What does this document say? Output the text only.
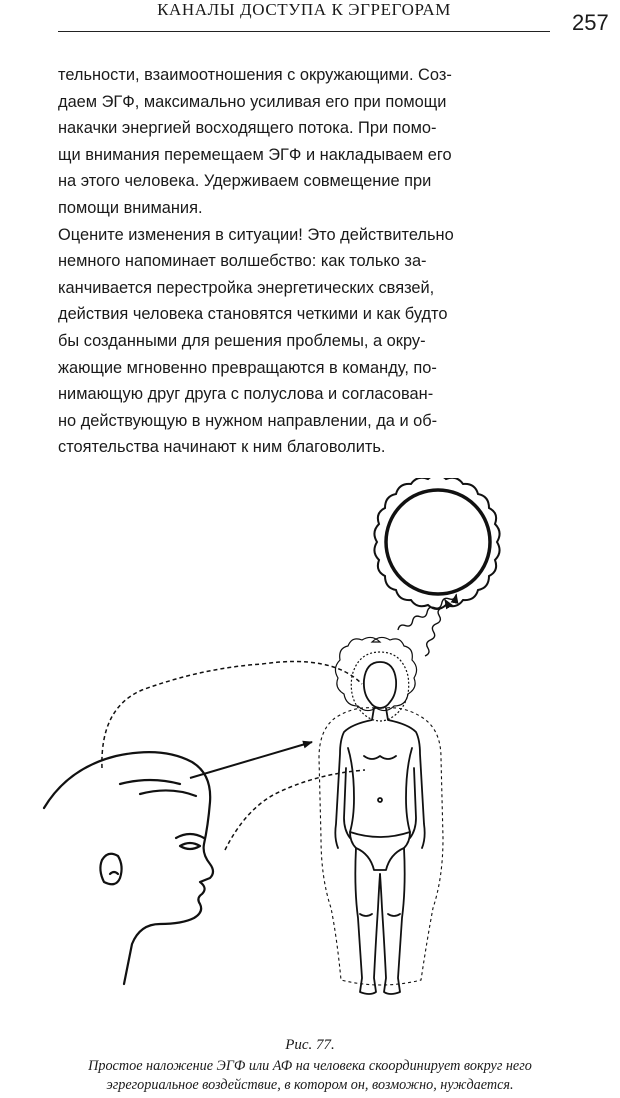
КАНАЛЫ ДОСТУПА К ЭГРЕГОРАМ
257
тельности, взаимоотношения с окружающими. Соз-
даем ЭГФ, максимально усиливая его при помощи
накачки энергией восходящего потока. При помо-
щи внимания перемещаем ЭГФ и накладываем его
на этого человека. Удерживаем совмещение при
помощи внимания.
Оцените изменения в ситуации! Это действительно
немного напоминает волшебство: как только за-
канчивается перестройка энергетических связей,
действия человека становятся четкими и как будто
бы созданными для решения проблемы, а окру-
жающие мгновенно превращаются в команду, по-
нимающую друг друга с полуслова и согласован-
но действующую в нужном направлении, да и об-
стоятельства начинают к ним благоволить.
Рис. 77.
Простое наложение ЭГФ или АФ на человека скоординирует вокруг него
эгрегориальное воздействие, в котором он, возможно, нуждается.
